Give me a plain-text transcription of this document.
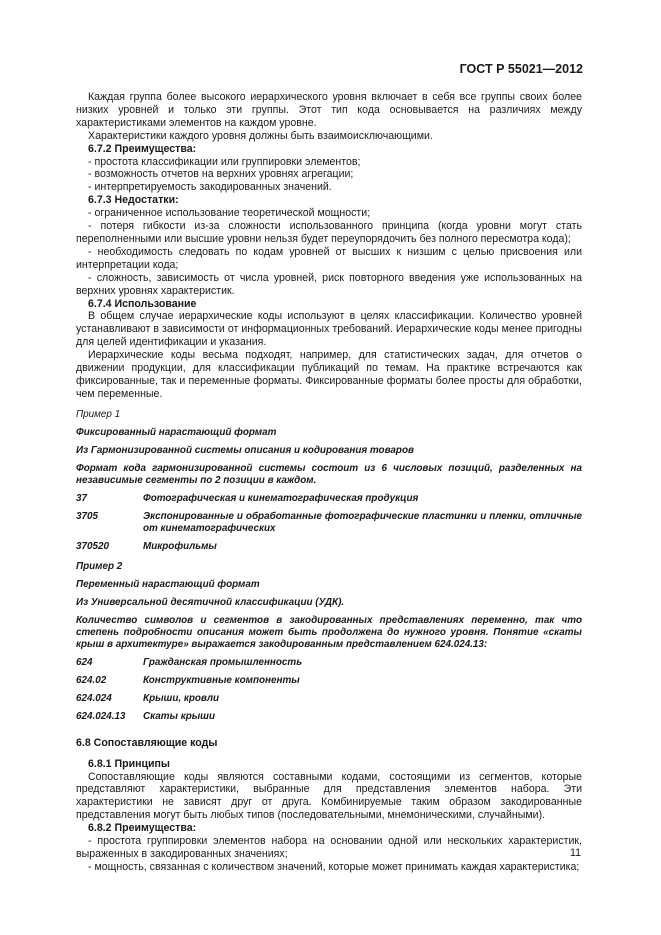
ГОСТ Р 55021—2012

Каждая группа более высокого иерархического уровня включает в себя все группы своих более низких уровней и только эти группы. Этот тип кода основывается на различиях между характеристиками элементов на каждом уровне.

Характеристики каждого уровня должны быть взаимоисключающими.

6.7.2 Преимущества:

- простота классификации или группировки элементов;

- возможность отчетов на верхних уровнях агрегации;

- интерпретируемость закодированных значений.

6.7.3 Недостатки:

- ограниченное использование теоретической мощности;

- потеря гибкости из-за сложности использованного принципа (когда уровни могут стать переполненными или высшие уровни нельзя будет переупорядочить без полного пересмотра кода);

- необходимость следовать по кодам уровней от высших к низшим с целью присвоения или интерпретации кода;

- сложность, зависимость от числа уровней, риск повторного введения уже использованных на верхних уровнях характеристик.

6.7.4 Использование

В общем случае иерархические коды используют в целях классификации. Количество уровней устанавливают в зависимости от информационных требований. Иерархические коды менее пригодны для целей идентификации и указания.

Иерархические коды весьма подходят, например, для статистических задач, для отчетов о движении продукции, для классификации публикаций по темам. На практике встречаются как фиксированные, так и переменные форматы. Фиксированные форматы более просты для обработки, чем переменные.

Пример 1

Фиксированный нарастающий формат

Из Гармонизированной системы описания и кодирования товаров

Формат кода гармонизированной системы состоит из 6 числовых позиций, разделенных на независимые сегменты по 2 позиции в каждом.

37	Фотографическая и кинематографическая продукция
3705	Экспонированные и обработанные фотографические пластинки и пленки, отличные от кинематографических
370520	Микрофильмы

Пример 2

Переменный нарастающий формат

Из Универсальной десятичной классификации (УДК).

Количество символов и сегментов в закодированных представлениях переменно, так что степень подробности описания может быть продолжена до нужного уровня. Понятие «скаты крыш в архитектуре» выражается закодированным представлением 624.024.13:

624	Гражданская промышленность
624.02	Конструктивные компоненты
624.024	Крыши, кровли
624.024.13	Скаты крыши

6.8 Сопоставляющие коды

6.8.1 Принципы

Сопоставляющие коды являются составными кодами, состоящими из сегментов, которые представляют характеристики, выбранные для представления элементов набора. Эти характеристики не зависят друг от друга. Комбинируемые таким образом закодированные представления могут быть любых типов (последовательными, мнемоническими, случайными).

6.8.2 Преимущества:

- простота группировки элементов набора на основании одной или нескольких характеристик, выраженных в закодированных значениях;

- мощность, связанная с количеством значений, которые может принимать каждая характеристика;

11
